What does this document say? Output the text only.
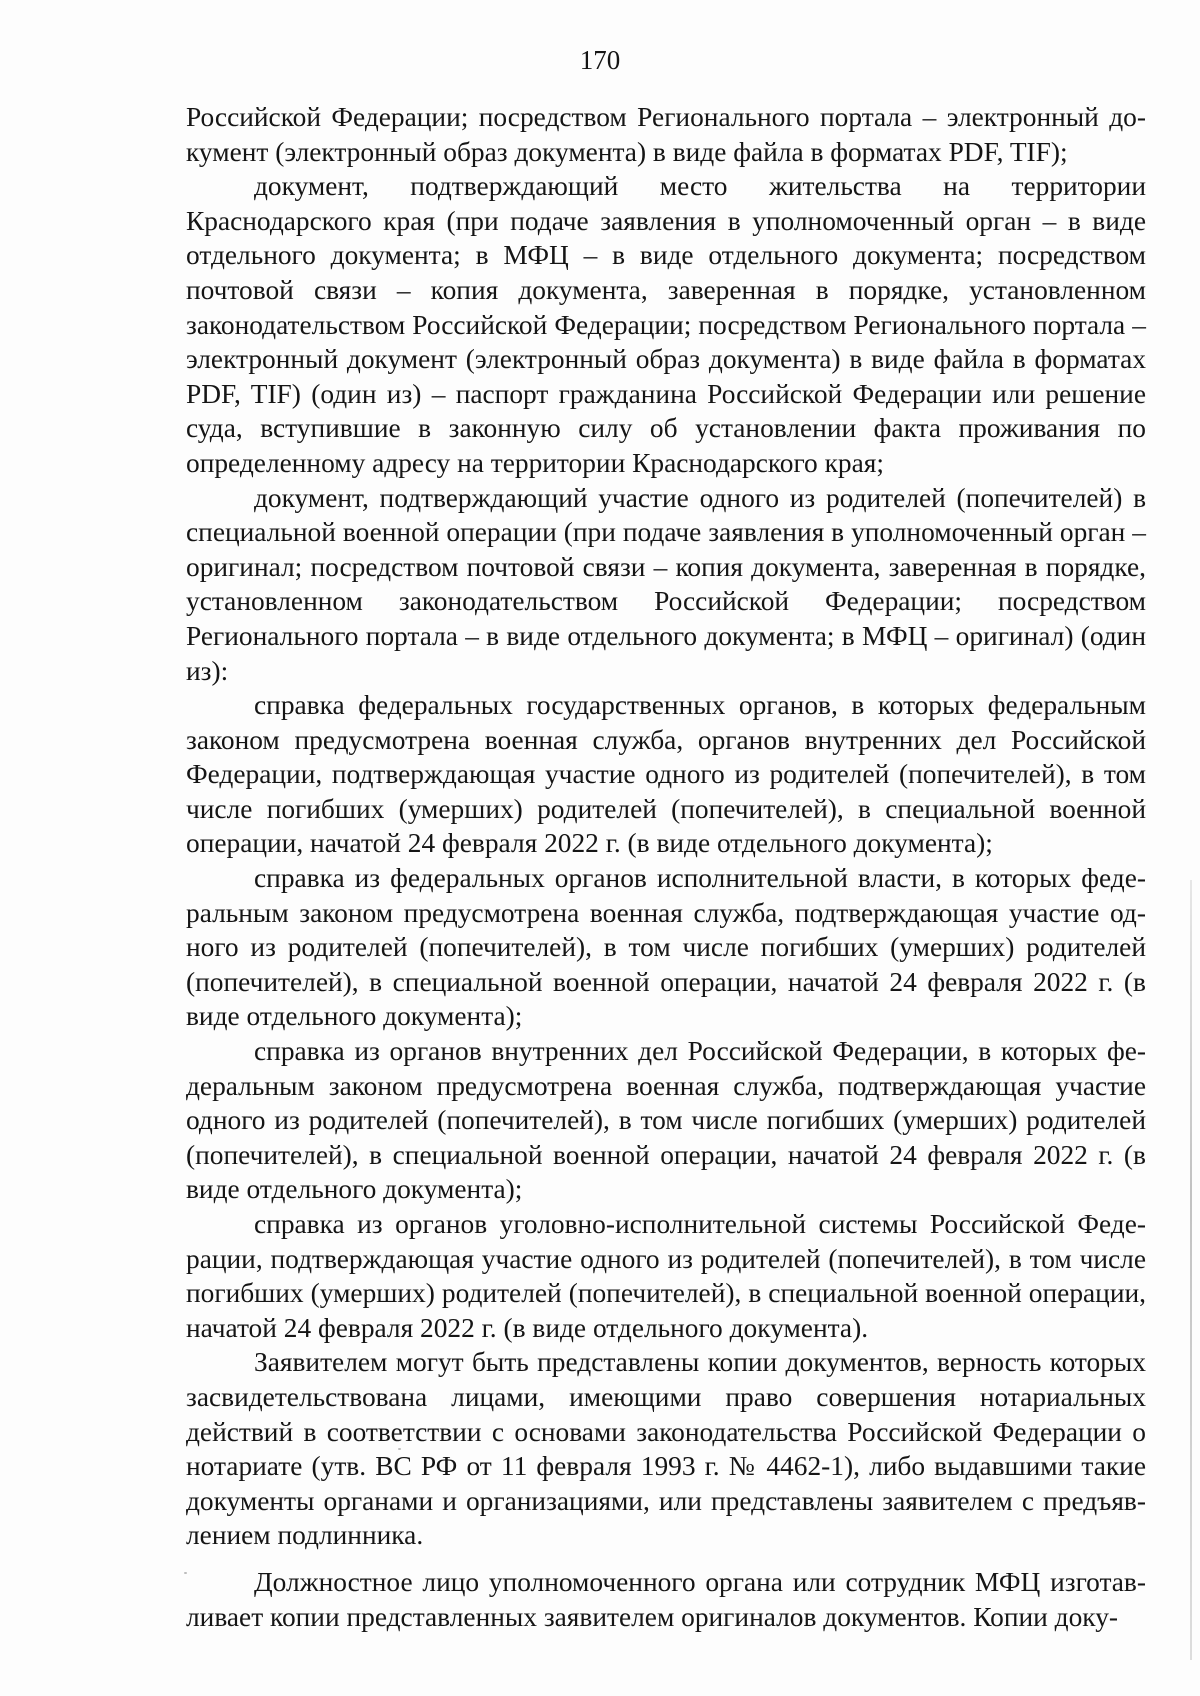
170

Российской Федерации; посредством Регионального портала – электронный документ (электронный образ документа) в виде файла в форматах PDF, TIF);

документ, подтверждающий место жительства на территории Краснодарского края (при подаче заявления в уполномоченный орган – в виде отдельного документа; в МФЦ – в виде отдельного документа; посредством почтовой связи – копия документа, заверенная в порядке, установленном законодательством Российской Федерации; посредством Регионального портала – электронный документ (электронный образ документа) в виде файла в форматах PDF, TIF) (один из) – паспорт гражданина Российской Федерации или решение суда, вступившие в законную силу об установлении факта проживания по определенному адресу на территории Краснодарского края;

документ, подтверждающий участие одного из родителей (попечителей) в специальной военной операции (при подаче заявления в уполномоченный орган – оригинал; посредством почтовой связи – копия документа, заверенная в порядке, установленном законодательством Российской Федерации; посредством Регионального портала – в виде отдельного документа; в МФЦ – оригинал) (один из):

справка федеральных государственных органов, в которых федеральным законом предусмотрена военная служба, органов внутренних дел Российской Федерации, подтверждающая участие одного из родителей (попечителей), в том числе погибших (умерших) родителей (попечителей), в специальной военной операции, начатой 24 февраля 2022 г. (в виде отдельного документа);

справка из федеральных органов исполнительной власти, в которых федеральным законом предусмотрена военная служба, подтверждающая участие одного из родителей (попечителей), в том числе погибших (умерших) родителей (попечителей), в специальной военной операции, начатой 24 февраля 2022 г. (в виде отдельного документа);

справка из органов внутренних дел Российской Федерации, в которых федеральным законом предусмотрена военная служба, подтверждающая участие одного из родителей (попечителей), в том числе погибших (умерших) родителей (попечителей), в специальной военной операции, начатой 24 февраля 2022 г. (в виде отдельного документа);

справка из органов уголовно-исполнительной системы Российской Федерации, подтверждающая участие одного из родителей (попечителей), в том числе погибших (умерших) родителей (попечителей), в специальной военной операции, начатой 24 февраля 2022 г. (в виде отдельного документа).

Заявителем могут быть представлены копии документов, верность которых засвидетельствована лицами, имеющими право совершения нотариальных действий в соответствии с основами законодательства Российской Федерации о нотариате (утв. ВС РФ от 11 февраля 1993 г. № 4462-1), либо выдавшими такие документы органами и организациями, или представлены заявителем с предъявлением подлинника.

Должностное лицо уполномоченного органа или сотрудник МФЦ изготавливает копии представленных заявителем оригиналов документов. Копии доку-
